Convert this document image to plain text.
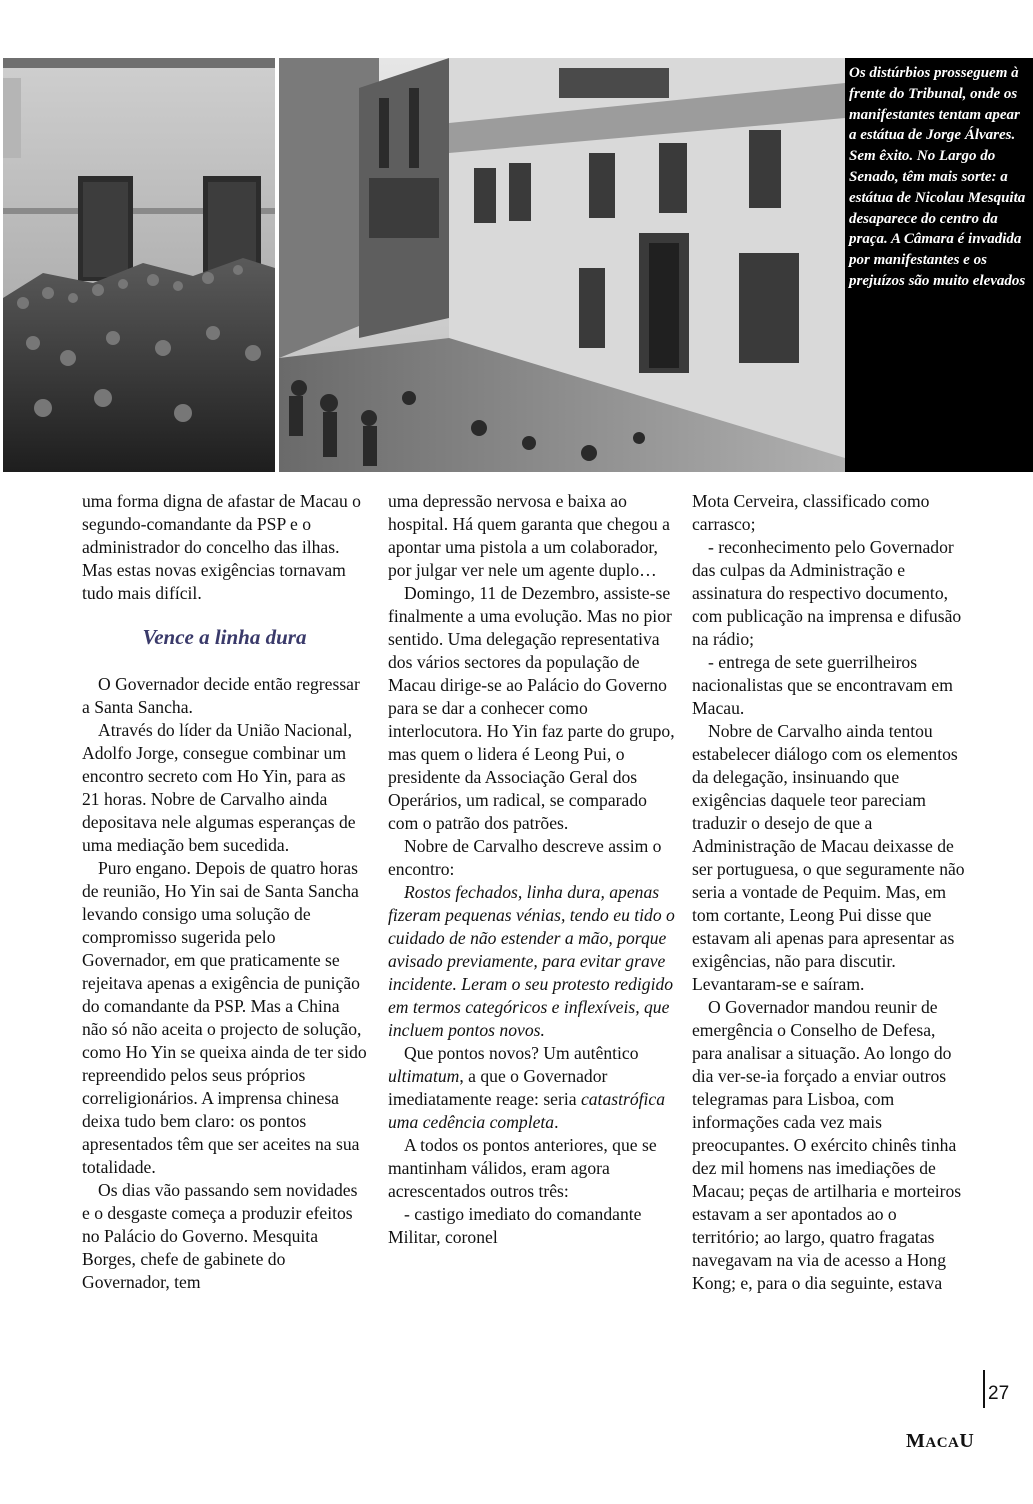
Os distúrbios prosseguem à frente do Tribunal, onde os manifestantes tentam apear a estátua de Jorge Álvares. Sem êxito. No Largo do Senado, têm mais sorte: a estátua de Nicolau Mesquita desaparece do centro da praça. A Câmara é invadida por manifestantes e os prejuízos são muito elevados

uma forma digna de afastar de Macau o segundo-comandante da PSP e o administrador do concelho das ilhas. Mas estas novas exigências tornavam tudo mais difícil.

Vence a linha dura

O Governador decide então regressar a Santa Sancha.

Através do líder da União Nacional, Adolfo Jorge, consegue combinar um encontro secreto com Ho Yin, para as 21 horas. Nobre de Carvalho ainda depositava nele algumas esperanças de uma mediação bem sucedida.

Puro engano. Depois de quatro horas de reunião, Ho Yin sai de Santa Sancha levando consigo uma solução de compromisso sugerida pelo Governador, em que praticamente se rejeitava apenas a exigência de punição do comandante da PSP. Mas a China não só não aceita o projecto de solução, como Ho Yin se queixa ainda de ter sido repreendido pelos seus próprios correligionários. A imprensa chinesa deixa tudo bem claro: os pontos apresentados têm que ser aceites na sua totalidade.

Os dias vão passando sem novidades e o desgaste começa a produzir efeitos no Palácio do Governo. Mesquita Borges, chefe de gabinete do Governador, tem

uma depressão nervosa e baixa ao hospital. Há quem garanta que chegou a apontar uma pistola a um colaborador, por julgar ver nele um agente duplo…

Domingo, 11 de Dezembro, assiste-se finalmente a uma evolução. Mas no pior sentido. Uma delegação representativa dos vários sectores da população de Macau dirige-se ao Palácio do Governo para se dar a conhecer como interlocutora. Ho Yin faz parte do grupo, mas quem o lidera é Leong Pui, o presidente da Associação Geral dos Operários, um radical, se comparado com o patrão dos patrões.

Nobre de Carvalho descreve assim o encontro:

Rostos fechados, linha dura, apenas fizeram pequenas vénias, tendo eu tido o cuidado de não estender a mão, porque avisado previamente, para evitar grave incidente. Leram o seu protesto redigido em termos categóricos e inflexíveis, que incluem pontos novos.

Que pontos novos? Um autêntico ultimatum, a que o Governador imediatamente reage: seria catastrófica uma cedência completa.

A todos os pontos anteriores, que se mantinham válidos, eram agora acrescentados outros três:

- castigo imediato do comandante Militar, coronel

Mota Cerveira, classificado como carrasco;

- reconhecimento pelo Governador das culpas da Administração e assinatura do respectivo documento, com publicação na imprensa e difusão na rádio;

- entrega de sete guerrilheiros nacionalistas que se encontravam em Macau.

Nobre de Carvalho ainda tentou estabelecer diálogo com os elementos da delegação, insinuando que exigências daquele teor pareciam traduzir o desejo de que a Administração de Macau deixasse de ser portuguesa, o que seguramente não seria a vontade de Pequim. Mas, em tom cortante, Leong Pui disse que estavam ali apenas para apresentar as exigências, não para discutir. Levantaram-se e saíram.

O Governador mandou reunir de emergência o Conselho de Defesa, para analisar a situação. Ao longo do dia ver-se-ia forçado a enviar outros telegramas para Lisboa, com informações cada vez mais preocupantes. O exército chinês tinha dez mil homens nas imediações de Macau; peças de artilharia e morteiros estavam a ser apontados ao o território; ao largo, quatro fragatas navegavam na via de acesso a Hong Kong; e, para o dia seguinte, estava

27
MACAU
